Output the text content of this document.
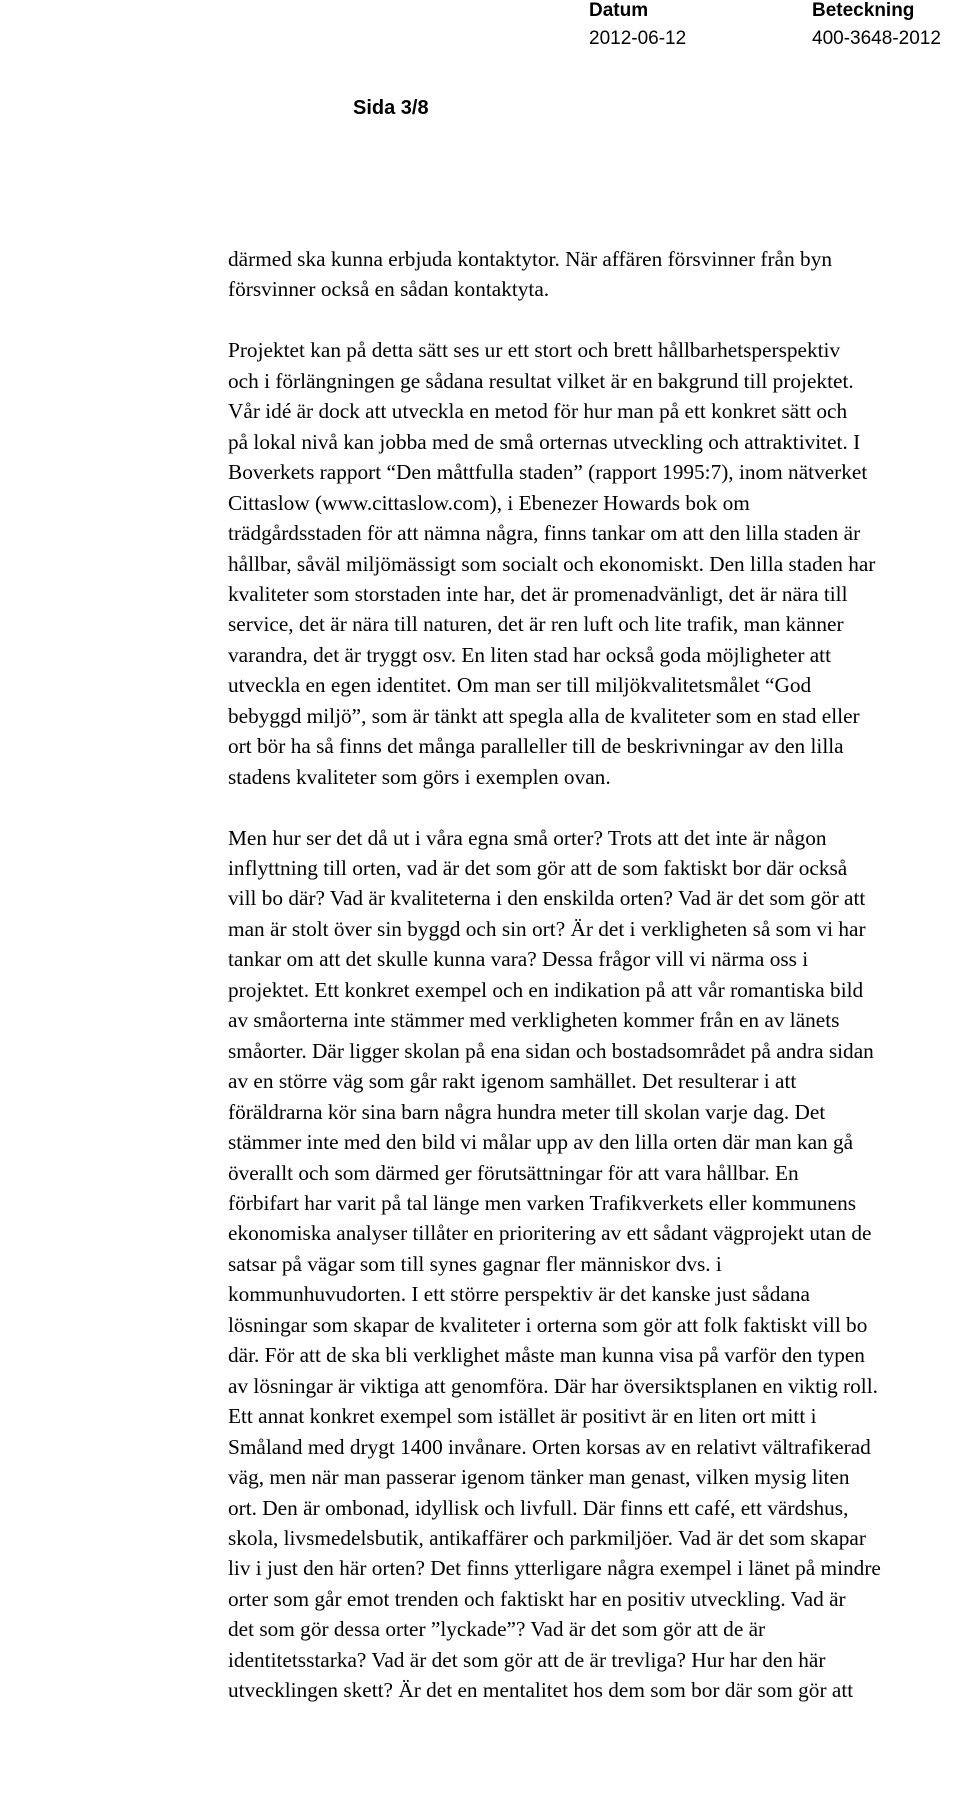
Datum
2012-06-12
Beteckning
400-3648-2012
Sida 3/8

därmed ska kunna erbjuda kontaktytor. När affären försvinner från byn
försvinner också en sådan kontaktyta.

Projektet kan på detta sätt ses ur ett stort och brett hållbarhetsperspektiv
och i förlängningen ge sådana resultat vilket är en bakgrund till projektet.
Vår idé är dock att utveckla en metod för hur man på ett konkret sätt och
på lokal nivå kan jobba med de små orternas utveckling och attraktivitet. I
Boverkets rapport “Den måttfulla staden” (rapport 1995:7), inom nätverket
Cittaslow (www.cittaslow.com), i Ebenezer Howards bok om
trädgårdsstaden för att nämna några, finns tankar om att den lilla staden är
hållbar, såväl miljömässigt som socialt och ekonomiskt. Den lilla staden har
kvaliteter som storstaden inte har, det är promenadvänligt, det är nära till
service, det är nära till naturen, det är ren luft och lite trafik, man känner
varandra, det är tryggt osv. En liten stad har också goda möjligheter att
utveckla en egen identitet. Om man ser till miljökvalitetsmålet “God
bebyggd miljö”, som är tänkt att spegla alla de kvaliteter som en stad eller
ort bör ha så finns det många paralleller till de beskrivningar av den lilla
stadens kvaliteter som görs i exemplen ovan.

Men hur ser det då ut i våra egna små orter? Trots att det inte är någon
inflyttning till orten, vad är det som gör att de som faktiskt bor där också
vill bo där? Vad är kvaliteterna i den enskilda orten? Vad är det som gör att
man är stolt över sin byggd och sin ort? Är det i verkligheten så som vi har
tankar om att det skulle kunna vara? Dessa frågor vill vi närma oss i
projektet. Ett konkret exempel och en indikation på att vår romantiska bild
av småorterna inte stämmer med verkligheten kommer från en av länets
småorter. Där ligger skolan på ena sidan och bostadsområdet på andra sidan
av en större väg som går rakt igenom samhället. Det resulterar i att
föräldrarna kör sina barn några hundra meter till skolan varje dag. Det
stämmer inte med den bild vi målar upp av den lilla orten där man kan gå
överallt och som därmed ger förutsättningar för att vara hållbar. En
förbifart har varit på tal länge men varken Trafikverkets eller kommunens
ekonomiska analyser tillåter en prioritering av ett sådant vägprojekt utan de
satsar på vägar som till synes gagnar fler människor dvs. i
kommunhuvudorten. I ett större perspektiv är det kanske just sådana
lösningar som skapar de kvaliteter i orterna som gör att folk faktiskt vill bo
där. För att de ska bli verklighet måste man kunna visa på varför den typen
av lösningar är viktiga att genomföra. Där har översiktsplanen en viktig roll.
Ett annat konkret exempel som istället är positivt är en liten ort mitt i
Småland med drygt 1400 invånare. Orten korsas av en relativt vältrafikerad
väg, men när man passerar igenom tänker man genast, vilken mysig liten
ort. Den är ombonad, idyllisk och livfull. Där finns ett café, ett värdshus,
skola, livsmedelsbutik, antikaffärer och parkmiljöer. Vad är det som skapar
liv i just den här orten? Det finns ytterligare några exempel i länet på mindre
orter som går emot trenden och faktiskt har en positiv utveckling. Vad är
det som gör dessa orter ”lyckade”? Vad är det som gör att de är
identitetsstarka? Vad är det som gör att de är trevliga? Hur har den här
utvecklingen skett? Är det en mentalitet hos dem som bor där som gör att
